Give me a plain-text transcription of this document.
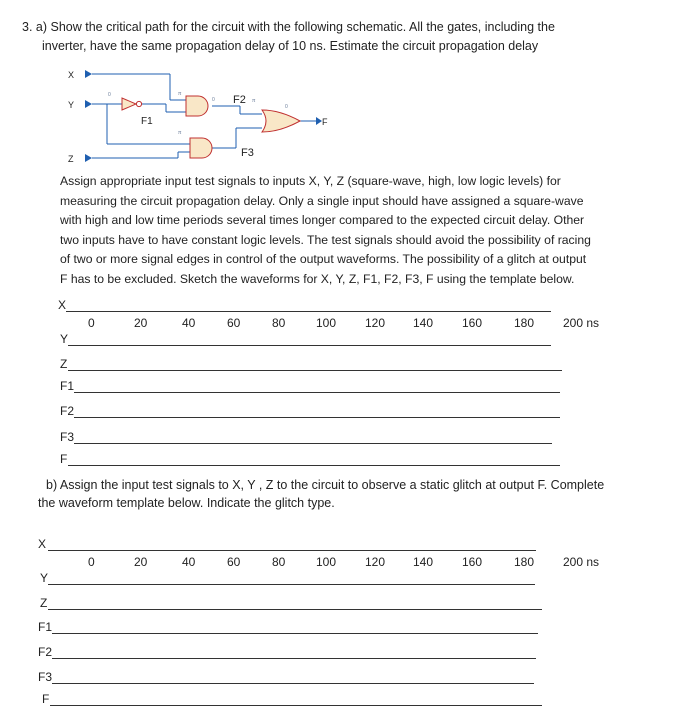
3. a) Show the critical path for the circuit with the following schematic. All the gates, including the
inverter, have the same propagation delay of 10 ns. Estimate the circuit propagation delay
0	π
0
π
π
0
X
Y
Z
F1
F2
F3
F
Assign appropriate input test signals to inputs X, Y, Z (square-wave, high, low logic levels) for
measuring the circuit propagation delay. Only a single input should have assigned a square-wave
with high and low time periods several times longer compared to the expected circuit delay. Other
two inputs have to have constant logic levels. The test signals should avoid the possibility of racing
of two or more signal edges in control of the output waveforms. The possibility of a glitch at output
F has to be excluded. Sketch the waveforms for X, Y, Z, F1, F2, F3, F using the template below.
X
0	20	40	60	80	100 120 140 160	180 200 ns
Y
Z
F1
F2
F3
F
b) Assign the input test signals to X, Y , Z to the circuit to observe a static glitch at output F. Complete
the waveform template below. Indicate the glitch type.
X
0	20	40	60	80	100 120 140 160	180 200 ns
Y
Z
F1
F2
F3
F
